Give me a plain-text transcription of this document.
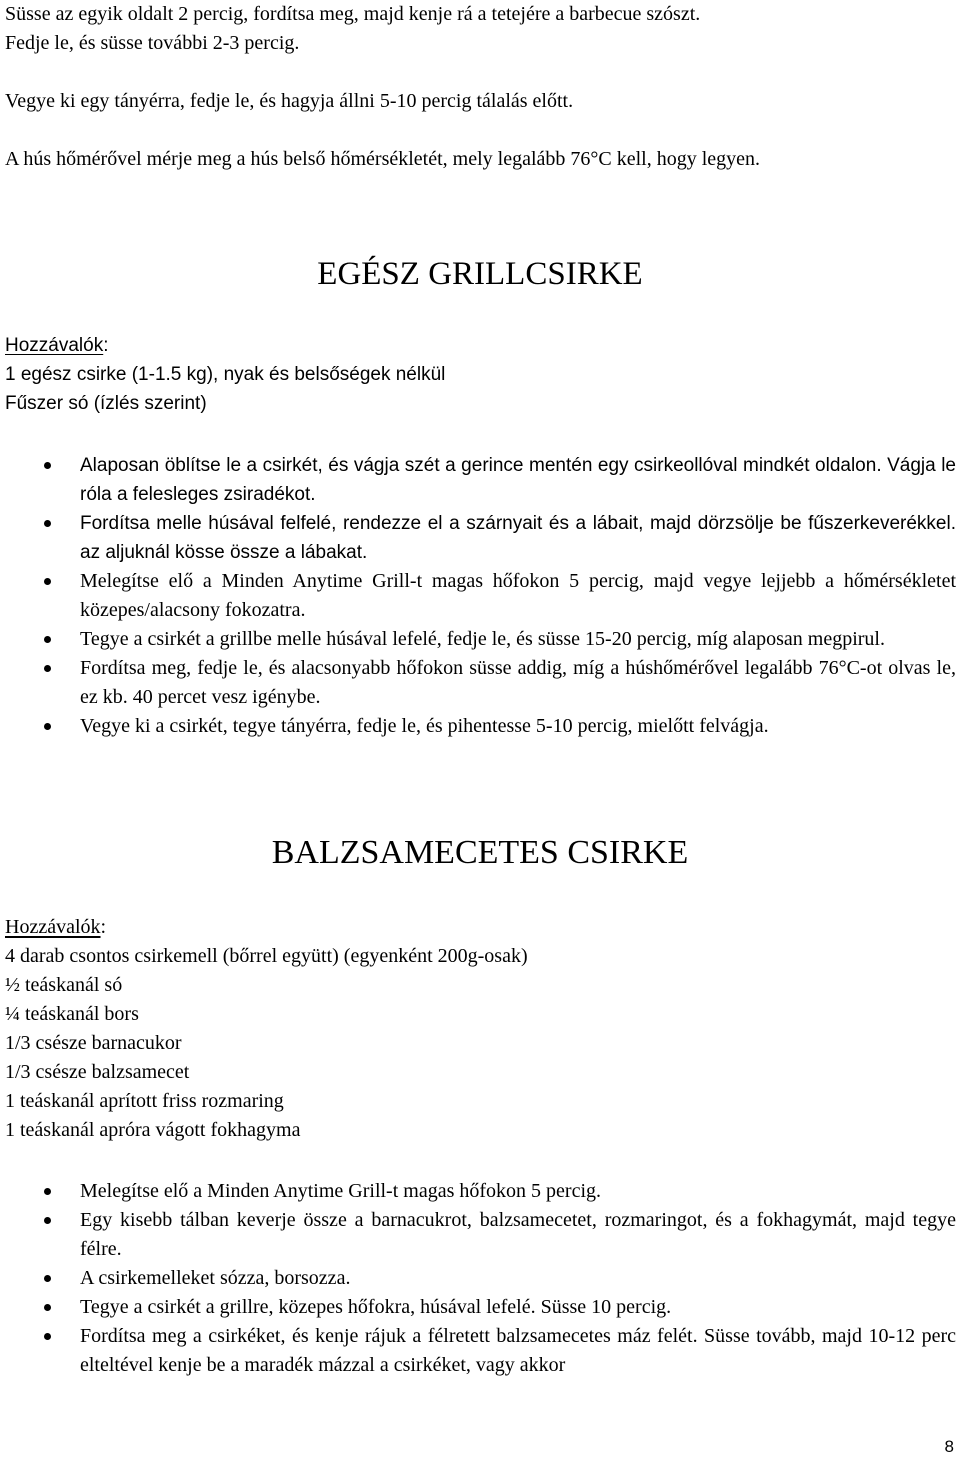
Süsse az egyik oldalt 2 percig, fordítsa meg, majd kenje rá a tetejére a barbecue szószt.

Fedje le, és süsse további 2-3 percig.

Vegye ki egy tányérra, fedje le, és hagyja állni 5-10 percig tálalás előtt.

A hús hőmérővel mérje meg a hús belső hőmérsékletét, mely legalább 76°C kell, hogy legyen.

EGÉSZ GRILLCSIRKE
Hozzávalók:
1 egész csirke (1-1.5 kg), nyak és belsőségek nélkül
Fűszer só (ízlés szerint)
Alaposan öblítse le a csirkét, és vágja szét a gerince mentén egy csirkeollóval mindkét oldalon. Vágja le róla a felesleges zsiradékot.
Fordítsa melle húsával felfelé, rendezze el a szárnyait és a lábait, majd dörzsölje be fűszerkeverékkel. az aljuknál kösse össze a lábakat.
Melegítse elő a Minden Anytime Grill-t magas hőfokon 5 percig, majd vegye lejjebb a hőmérsékletet közepes/alacsony fokozatra.
Tegye a csirkét a grillbe melle húsával lefelé, fedje le, és süsse 15-20 percig, míg alaposan megpirul.
Fordítsa meg, fedje le, és alacsonyabb hőfokon süsse addig, míg a húshőmérővel legalább 76°C-ot olvas le, ez kb. 40 percet vesz igénybe.
Vegye ki a csirkét, tegye tányérra, fedje le, és pihentesse 5-10 percig, mielőtt felvágja.
BALZSAMECETES CSIRKE
Hozzávalók:
4 darab csontos csirkemell (bőrrel együtt) (egyenként 200g-osak)
½ teáskanál só
¼ teáskanál bors
1/3 csésze barnacukor
1/3 csésze balzsamecet
1 teáskanál aprított friss rozmaring
1 teáskanál apróra vágott fokhagyma
Melegítse elő a Minden Anytime Grill-t magas hőfokon 5 percig.
Egy kisebb tálban keverje össze a barnacukrot, balzsamecetet, rozmaringot, és a fokhagymát, majd tegye félre.
A csirkemelleket sózza, borsozza.
Tegye a csirkét a grillre, közepes hőfokra, húsával lefelé. Süsse 10 percig.
Fordítsa meg a csirkéket, és kenje rájuk a félretett balzsamecetes máz felét. Süsse tovább, majd 10-12 perc elteltével kenje be a maradék mázzal a csirkéket, vagy akkor
8
